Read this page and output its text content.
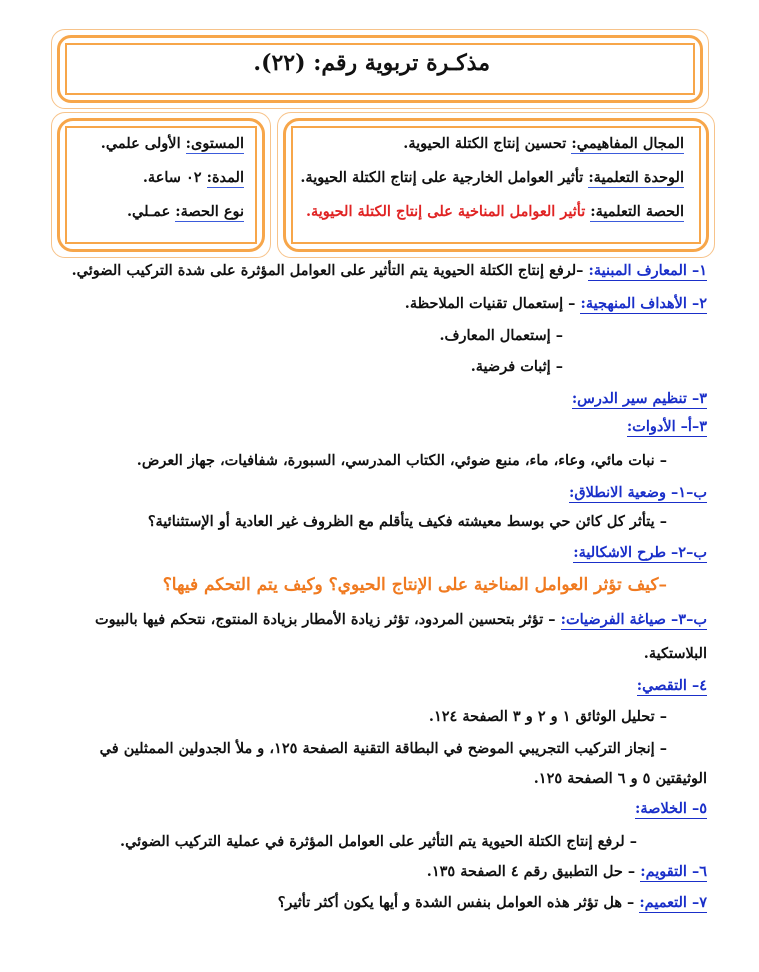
مذكـرة تربوية رقم: (٢٢).
المجال المفاهيمي: تحسين إنتاج الكتلة الحيوية.
الوحدة التعلمية: تأثير العوامل الخارجية على إنتاج الكتلة الحيوية.
الحصة التعلمية: تأثير العوامل المناخية على إنتاج الكتلة الحيوية.
المستوى: الأولى علمي.
المدة: ٠٢ ساعة.
نوع الحصة: عمـلي.
١– المعارف المبنية: –لرفع إنتاج الكتلة الحيوية يتم التأثير على العوامل المؤثرة على شدة التركيب الضوئي.
٢– الأهداف المنهجية: – إستعمال تقنيات الملاحظة.
– إستعمال المعارف.
– إثبات فرضية.
٣– تنظيم سير الدرس:
٣–أ– الأدوات:
– نبات مائي، وعاء، ماء، منبع ضوئي، الكتاب المدرسي، السبورة، شفافيات، جهاز العرض.
ب–١– وضعية الانطلاق:
– يتأثر كل كائن حي بوسط معيشته فكيف يتأقلم مع الظروف غير العادية أو الإستثنائية؟
ب–٢– طرح الاشكالية:
–كيف تؤثر العوامل المناخية على الإنتاج الحيوي؟ وكيف يتم التحكم فيها؟
ب–٣– صياغة الفرضيات: – تؤثر بتحسين المردود، تؤثر زيادة الأمطار بزيادة المنتوج، نتحكم فيها بالبيوت
البلاستكية.
٤– التقصي:
– تحليل الوثائق ١ و ٢ و ٣ الصفحة ١٢٤.
– إنجاز التركيب التجريبي الموضح في البطاقة التقنية الصفحة ١٢٥، و ملأ الجدولين الممثلين في
الوثيقتين ٥ و ٦ الصفحة ١٢٥.
٥– الخلاصة:
– لرفع إنتاج الكتلة الحيوية يتم التأثير على العوامل المؤثرة في عملية التركيب الضوئي.
٦– التقويم: – حل التطبيق رقم ٤ الصفحة ١٣٥.
٧– التعميم: – هل تؤثر هذه العوامل بنفس الشدة و أيها يكون أكثر تأثير؟
